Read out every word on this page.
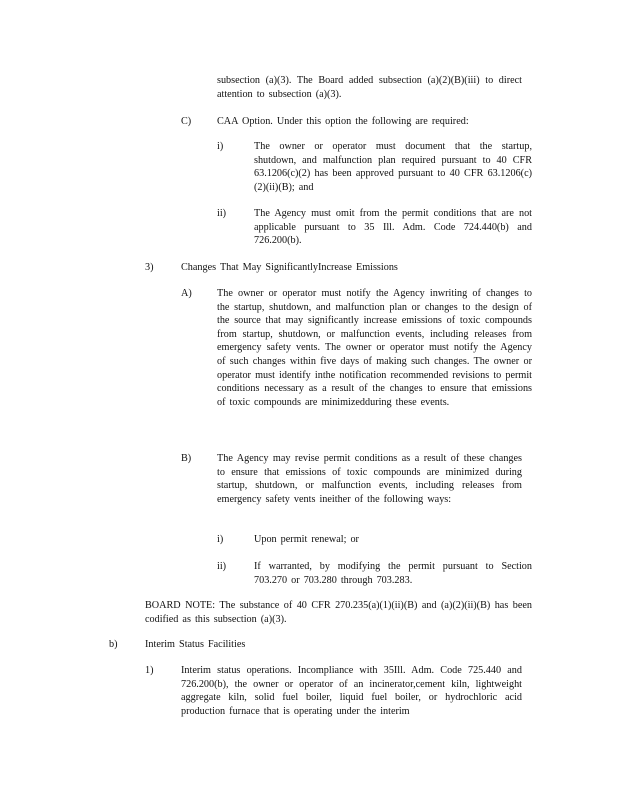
subsection (a)(3). The Board added subsection (a)(2)(B)(iii) to direct attention to subsection (a)(3).

C)	CAA Option. Under this option the following are required:

i)	The owner or operator must document that the startup, shutdown, and malfunction plan required pursuant to 40 CFR 63.1206(c)(2) has been approved pursuant to 40 CFR 63.1206(c)(2)(ii)(B); and

ii)	The Agency must omit from the permit conditions that are not applicable pursuant to 35 Ill. Adm. Code 724.440(b) and 726.200(b).

3)	Changes That May SignificantlyIncrease Emissions

A) The owner or operator must notify the Agency inwriting of changes to the startup, shutdown, and malfunction plan or changes to the design of the source that may significantly increase emissions of toxic compounds from startup, shutdown, or malfunction events, including releases from emergency safety vents. The owner or operator must notify the Agency of such changes within five days of making such changes. The owner or operator must identify inthe notification recommended revisions to permit conditions necessary as a result of the changes to ensure that emissions of toxic compounds are minimizedduring these events.

B)	The Agency may revise permit conditions as a result of these changes to ensure that emissions of toxic compounds are minimized during startup, shutdown, or malfunction events, including releases from emergency safety vents ineither of the following ways:

i)	Upon permit renewal; or

ii)	If warranted, by modifying the permit pursuant to Section 703.270 or 703.280 through 703.283.

BOARD NOTE: The substance of 40 CFR 270.235(a)(1)(ii)(B) and (a)(2)(ii)(B) has been codified as this subsection (a)(3).

b)	Interim Status Facilities

1)	Interim status operations. Incompliance with 35Ill. Adm. Code 725.440 and 726.200(b), the owner or operator of an incinerator,cement kiln, lightweight aggregate kiln, solid fuel boiler, liquid fuel boiler, or hydrochloric acid production furnace that is operating under the interim
